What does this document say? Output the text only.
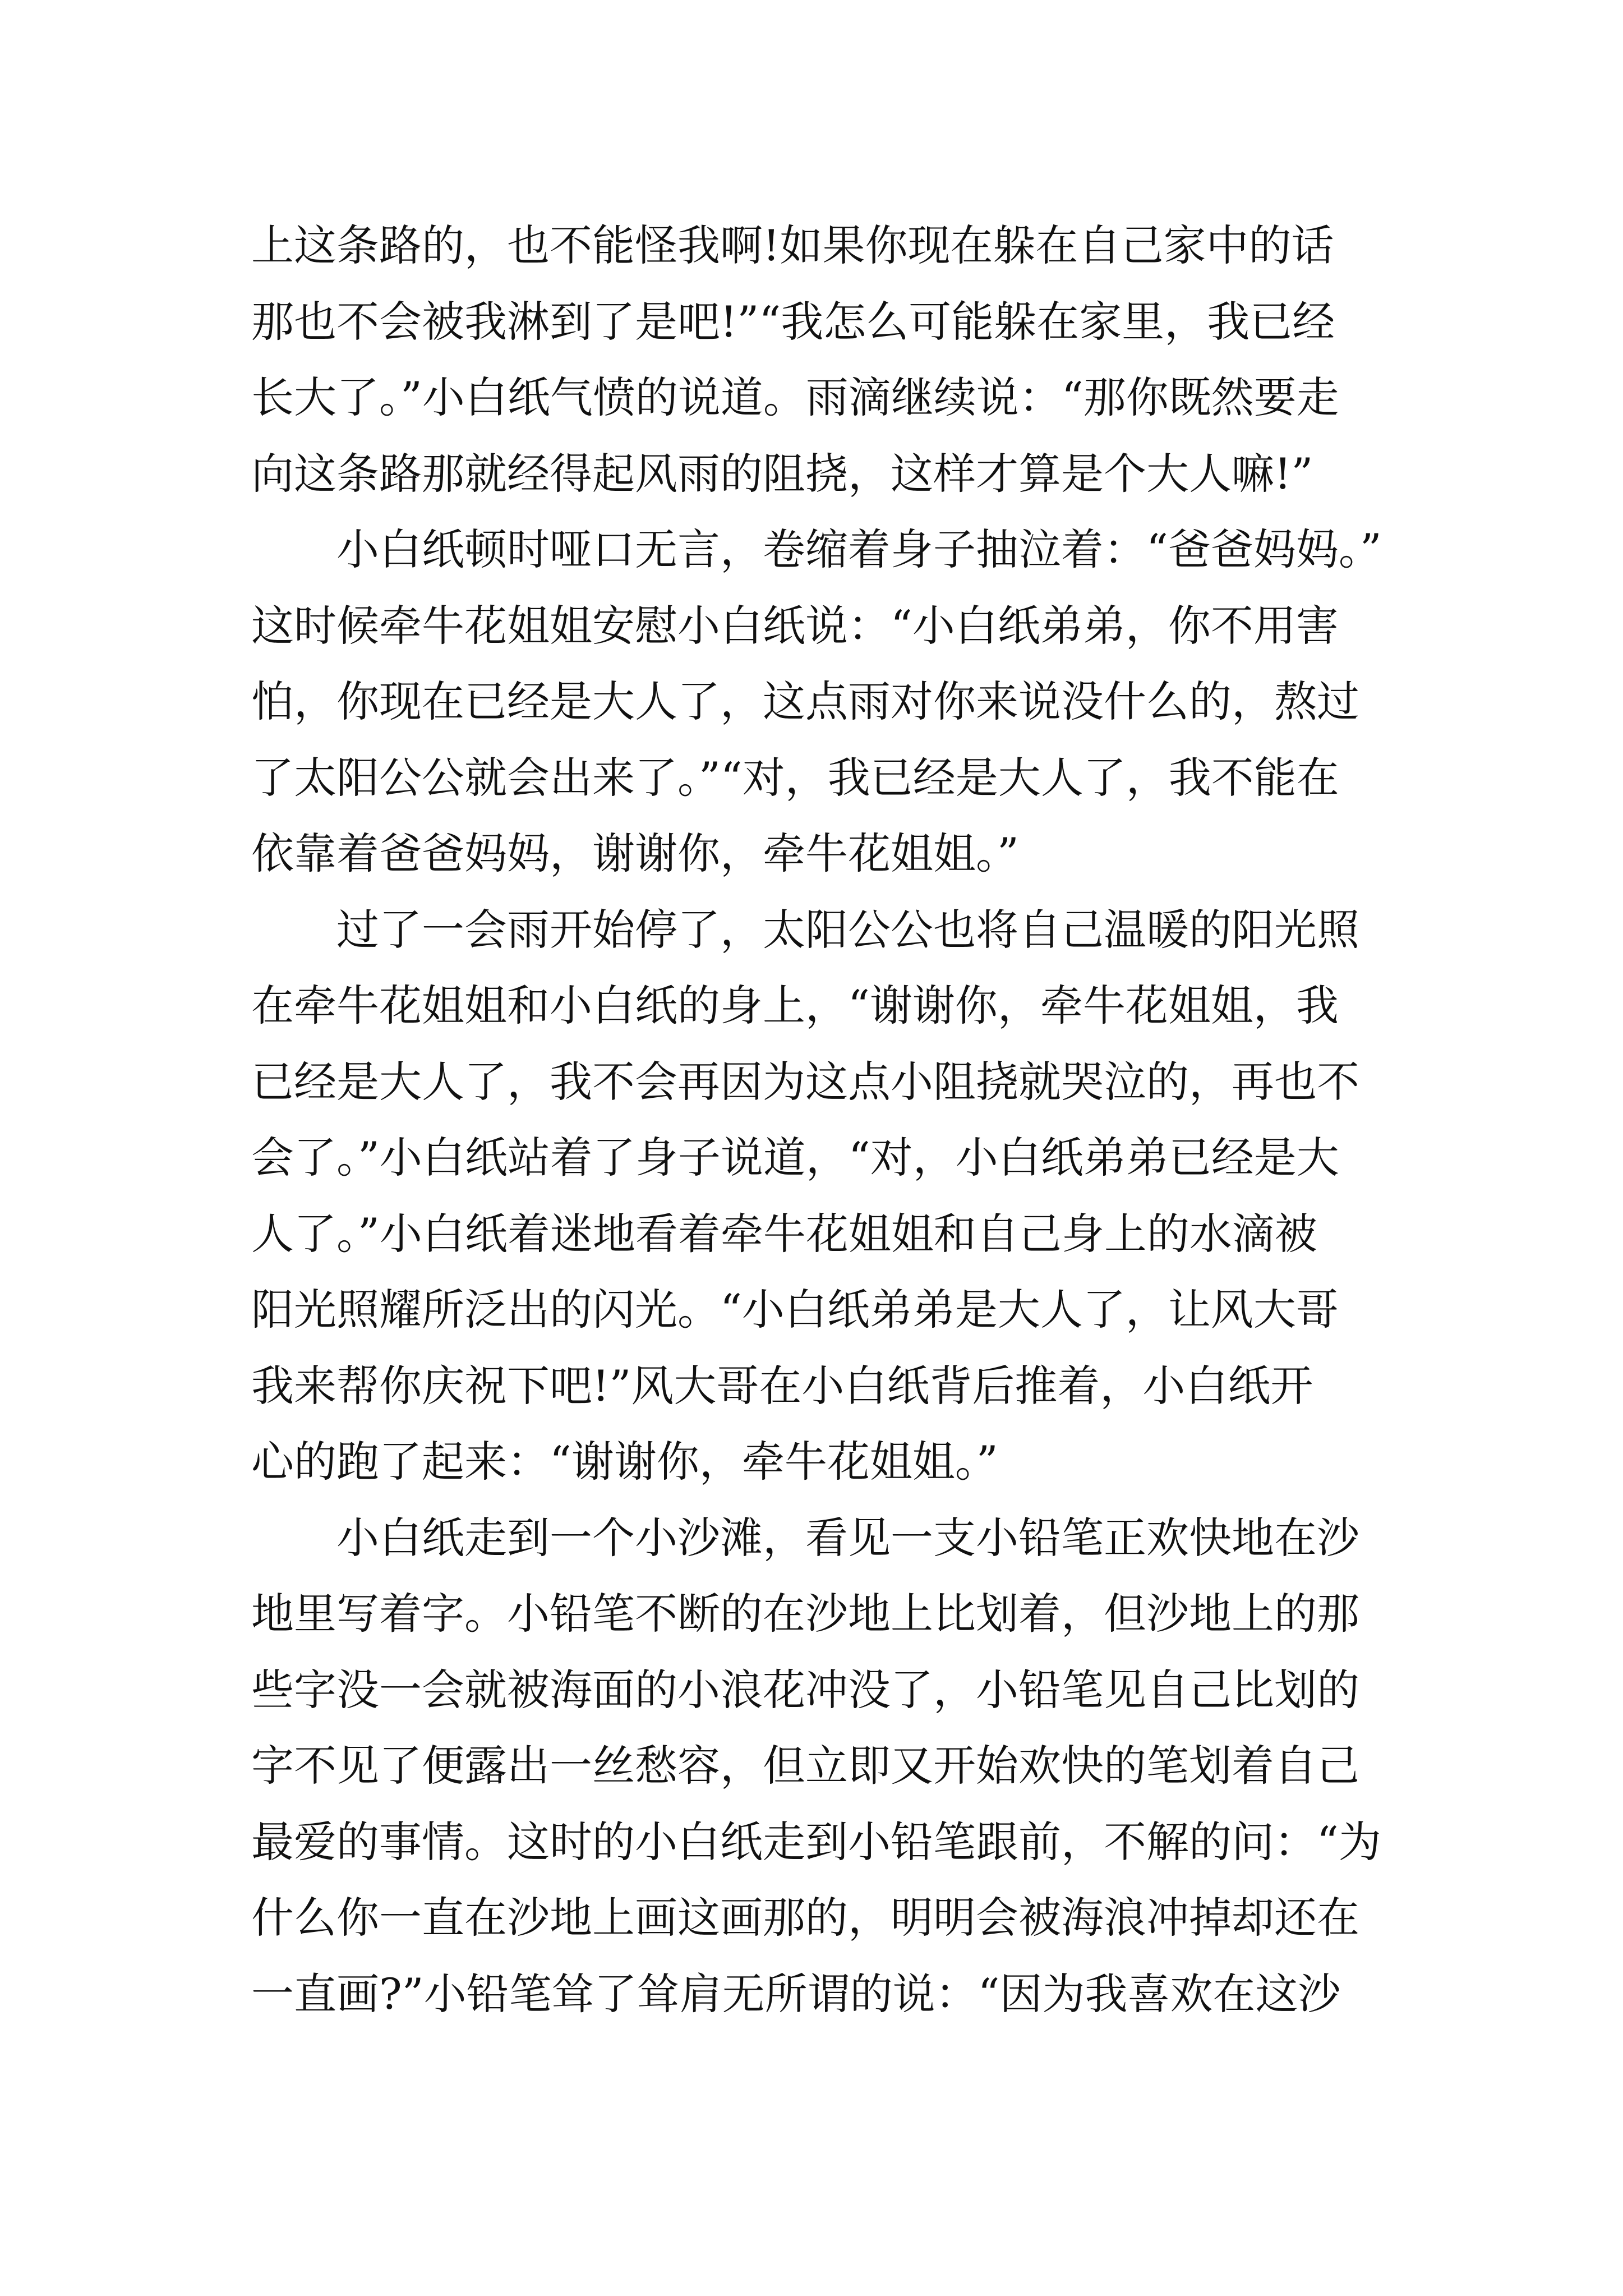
上这条路的，也不能怪我啊!如果你现在躲在自己家中的话
那也不会被我淋到了是吧!”“我怎么可能躲在家里，我已经
长大了。”小白纸气愤的说道。雨滴继续说：“那你既然要走
向这条路那就经得起风雨的阻挠，这样才算是个大人嘛!”
　　小白纸顿时哑口无言，卷缩着身子抽泣着：“爸爸妈妈。”
这时候牵牛花姐姐安慰小白纸说：“小白纸弟弟，你不用害
怕，你现在已经是大人了，这点雨对你来说没什么的，熬过
了太阳公公就会出来了。”“对，我已经是大人了，我不能在
依靠着爸爸妈妈，谢谢你，牵牛花姐姐。”
　　过了一会雨开始停了，太阳公公也将自己温暖的阳光照
在牵牛花姐姐和小白纸的身上，“谢谢你，牵牛花姐姐，我
已经是大人了，我不会再因为这点小阻挠就哭泣的，再也不
会了。”小白纸站着了身子说道，“对，小白纸弟弟已经是大
人了。”小白纸着迷地看着牵牛花姐姐和自己身上的水滴被
阳光照耀所泛出的闪光。“小白纸弟弟是大人了，让风大哥
我来帮你庆祝下吧!”风大哥在小白纸背后推着，小白纸开
心的跑了起来：“谢谢你，牵牛花姐姐。”
　　小白纸走到一个小沙滩，看见一支小铅笔正欢快地在沙
地里写着字。小铅笔不断的在沙地上比划着，但沙地上的那
些字没一会就被海面的小浪花冲没了，小铅笔见自己比划的
字不见了便露出一丝愁容，但立即又开始欢快的笔划着自己
最爱的事情。这时的小白纸走到小铅笔跟前，不解的问：“为
什么你一直在沙地上画这画那的，明明会被海浪冲掉却还在
一直画?”小铅笔耸了耸肩无所谓的说：“因为我喜欢在这沙
